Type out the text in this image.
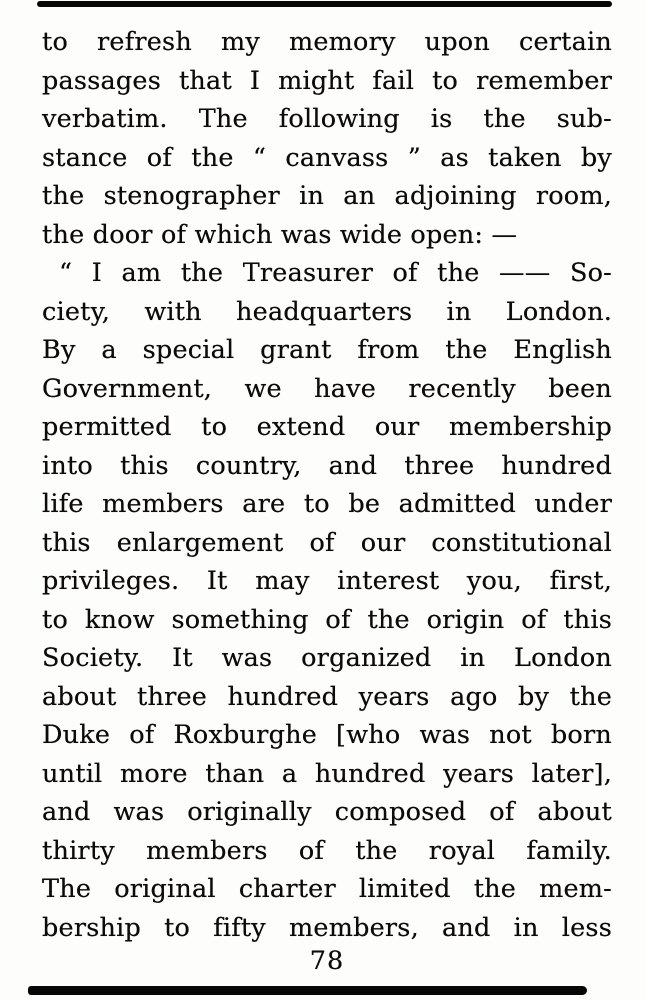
to refresh my memory upon certain
passages that I might fail to remember
verbatim. The following is the sub-
stance of the “ canvass ” as taken by
the stenographer in an adjoining room,
the door of which was wide open: —
“ I am the Treasurer of the —— So-
ciety, with headquarters in London.
By a special grant from the English
Government, we have recently been
permitted to extend our membership
into this country, and three hundred
life members are to be admitted under
this enlargement of our constitutional
privileges. It may interest you, first,
to know something of the origin of this
Society. It was organized in London
about three hundred years ago by the
Duke of Roxburghe [who was not born
until more than a hundred years later],
and was originally composed of about
thirty members of the royal family.
The original charter limited the mem-
bership to fifty members, and in less
78
